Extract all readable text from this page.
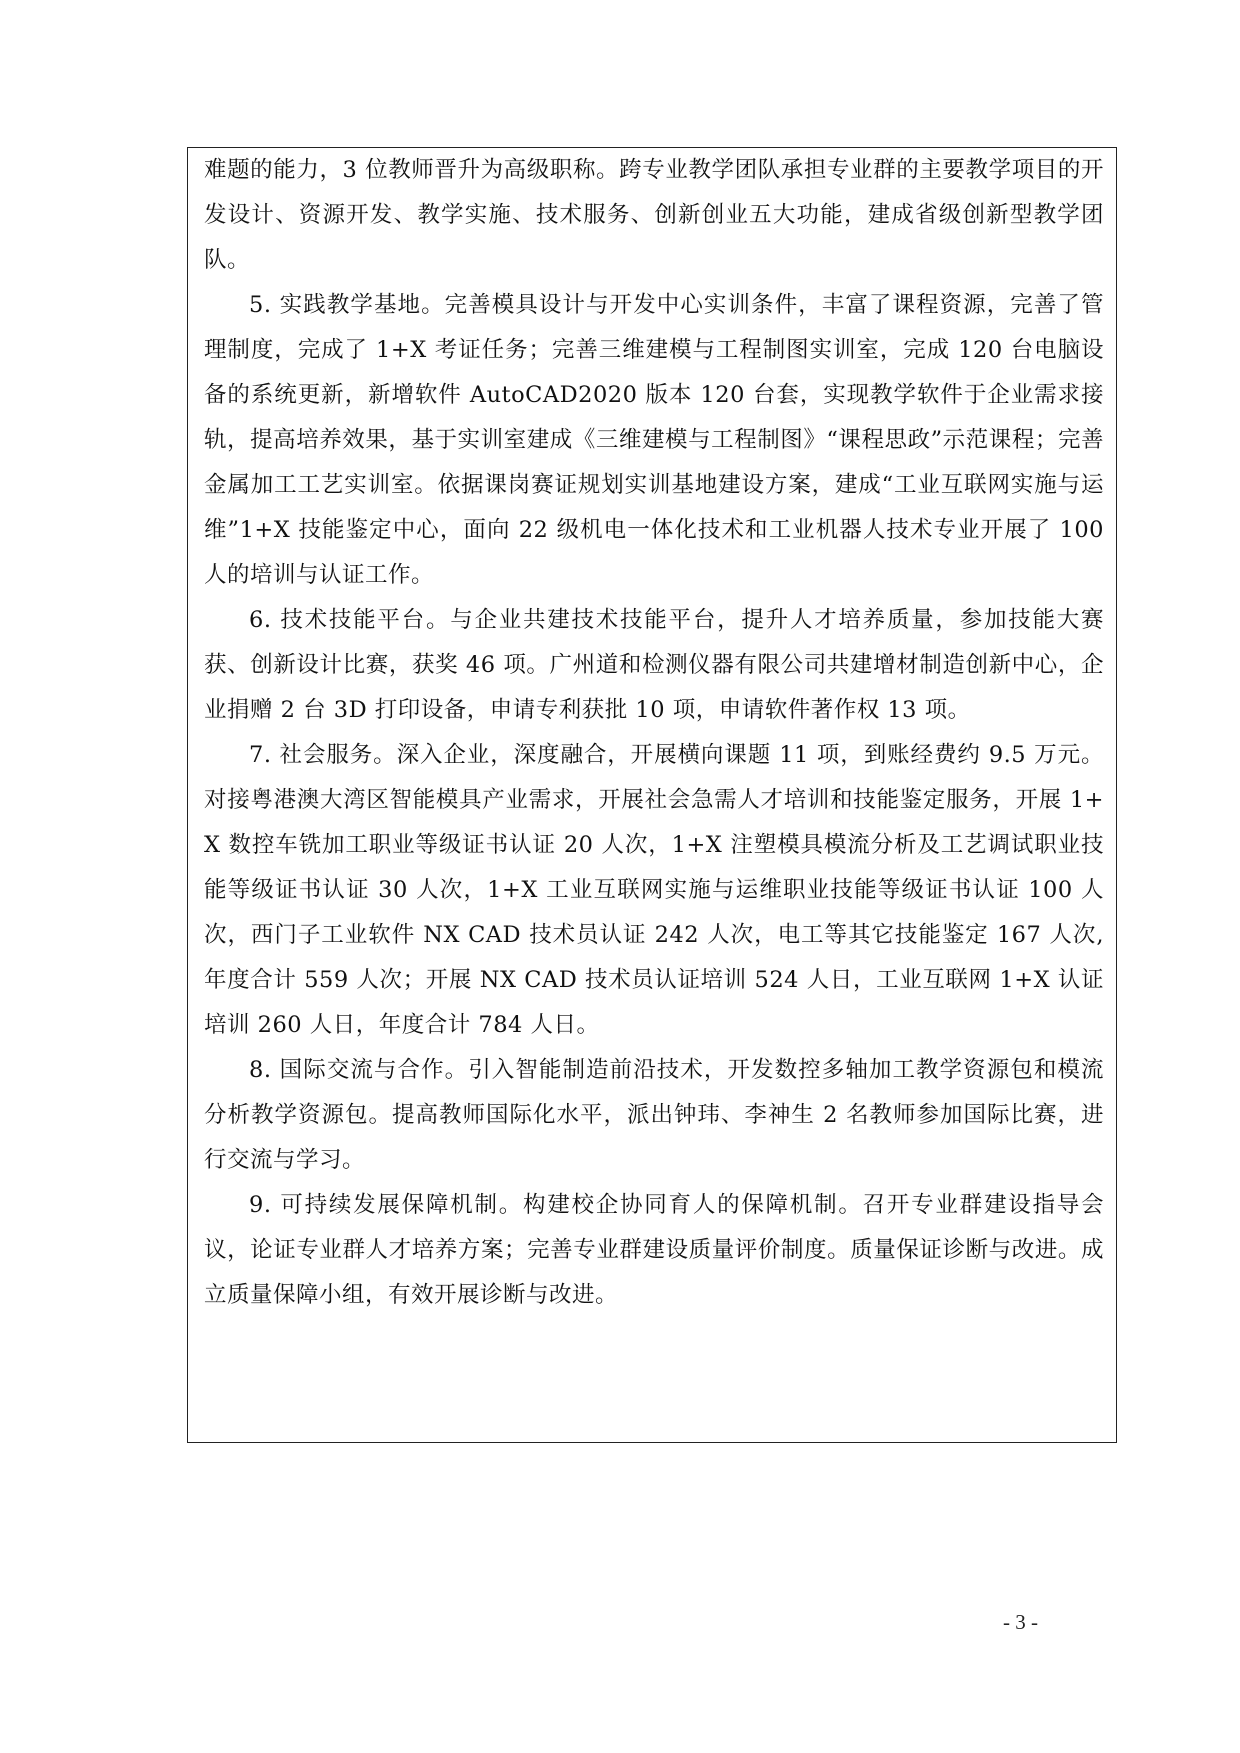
难题的能力，3 位教师晋升为高级职称。跨专业教学团队承担专业群的主要教学项目的开发设计、资源开发、教学实施、技术服务、创新创业五大功能，建成省级创新型教学团队。

5. 实践教学基地。完善模具设计与开发中心实训条件，丰富了课程资源，完善了管理制度，完成了 1+X 考证任务；完善三维建模与工程制图实训室，完成 120 台电脑设备的系统更新，新增软件 AutoCAD2020 版本 120 台套，实现教学软件于企业需求接轨，提高培养效果，基于实训室建成《三维建模与工程制图》“课程思政”示范课程；完善金属加工工艺实训室。依据课岗赛证规划实训基地建设方案，建成“工业互联网实施与运维”1+X 技能鉴定中心，面向 22 级机电一体化技术和工业机器人技术专业开展了 100 人的培训与认证工作。

6. 技术技能平台。与企业共建技术技能平台，提升人才培养质量，参加技能大赛获、创新设计比赛，获奖 46 项。广州道和检测仪器有限公司共建增材制造创新中心，企业捐赠 2 台 3D 打印设备，申请专利获批 10 项，申请软件著作权 13 项。

7. 社会服务。深入企业，深度融合，开展横向课题 11 项，到账经费约 9.5 万元。对接粤港澳大湾区智能模具产业需求，开展社会急需人才培训和技能鉴定服务，开展 1+X 数控车铣加工职业等级证书认证 20 人次，1+X 注塑模具模流分析及工艺调试职业技能等级证书认证 30 人次，1+X 工业互联网实施与运维职业技能等级证书认证 100 人次，西门子工业软件 NX CAD 技术员认证 242 人次，电工等其它技能鉴定 167 人次,年度合计 559 人次；开展 NX CAD 技术员认证培训 524 人日，工业互联网 1+X 认证培训 260 人日，年度合计 784 人日。

8. 国际交流与合作。引入智能制造前沿技术，开发数控多轴加工教学资源包和模流分析教学资源包。提高教师国际化水平，派出钟玮、李神生 2 名教师参加国际比赛，进行交流与学习。

9. 可持续发展保障机制。构建校企协同育人的保障机制。召开专业群建设指导会议，论证专业群人才培养方案；完善专业群建设质量评价制度。质量保证诊断与改进。成立质量保障小组，有效开展诊断与改进。

- 3 -
